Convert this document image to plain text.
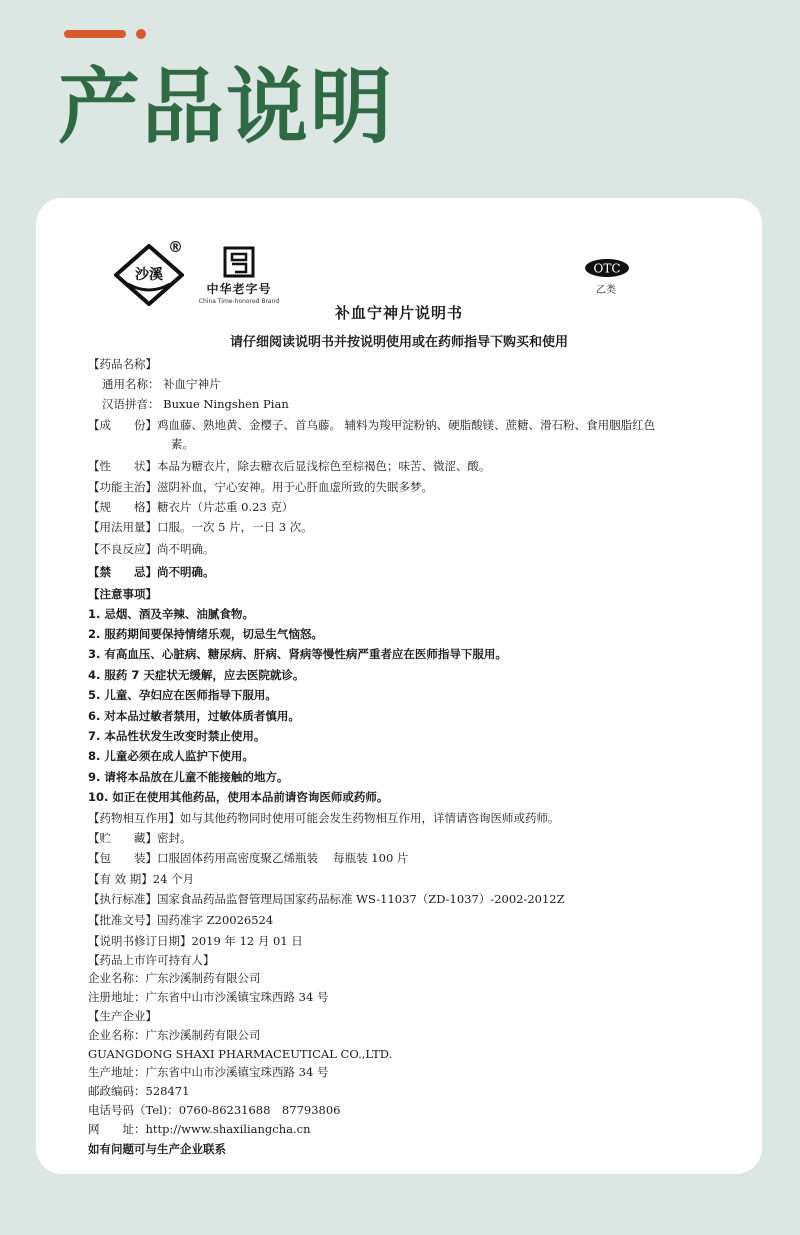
产品说明
沙溪
®
中华老字号
China Time-honored Brand
OTC
乙类
补血宁神片说明书
请仔细阅读说明书并按说明使用或在药师指导下购买和使用
【药品名称】
通用名称： 补血宁神片
汉语拼音： Buxue Ningshen Pian
【成　　份】鸡血藤、熟地黄、金樱子、首乌藤。 辅料为羧甲淀粉钠、硬脂酸镁、蔗糖、滑石粉、食用胭脂红色
素。
【性　　状】本品为糖衣片，除去糖衣后显浅棕色至棕褐色；味苦、微涩、酸。
【功能主治】滋阴补血，宁心安神。用于心肝血虚所致的失眠多梦。
【规　　格】糖衣片（片芯重 0.23 克）
【用法用量】口服。一次 5 片，一日 3 次。
【不良反应】尚不明确。
【禁　　忌】尚不明确。
【注意事项】
1. 忌烟、酒及辛辣、油腻食物。
2. 服药期间要保持情绪乐观，切忌生气恼怒。
3. 有高血压、心脏病、糖尿病、肝病、肾病等慢性病严重者应在医师指导下服用。
4. 服药 7 天症状无缓解，应去医院就诊。
5. 儿童、孕妇应在医师指导下服用。
6. 对本品过敏者禁用，过敏体质者慎用。
7. 本品性状发生改变时禁止使用。
8. 儿童必须在成人监护下使用。
9. 请将本品放在儿童不能接触的地方。
10. 如正在使用其他药品，使用本品前请咨询医师或药师。
【药物相互作用】如与其他药物同时使用可能会发生药物相互作用，详情请咨询医师或药师。
【贮　　藏】密封。
【包　　装】口服固体药用高密度聚乙烯瓶装　 每瓶装 100 片
【有 效 期】24 个月
【执行标准】国家食品药品监督管理局国家药品标准 WS-11037（ZD-1037）-2002-2012Z
【批准文号】国药准字 Z20026524
【说明书修订日期】2019 年 12 月 01 日
【药品上市许可持有人】
企业名称：广东沙溪制药有限公司
注册地址：广东省中山市沙溪镇宝珠西路 34 号
【生产企业】
企业名称：广东沙溪制药有限公司
GUANGDONG SHAXI PHARMACEUTICAL CO.,LTD.
生产地址：广东省中山市沙溪镇宝珠西路 34 号
邮政编码：528471
电话号码（Tel)：0760-86231688　87793806
网　　址：http://www.shaxiliangcha.cn
如有问题可与生产企业联系
